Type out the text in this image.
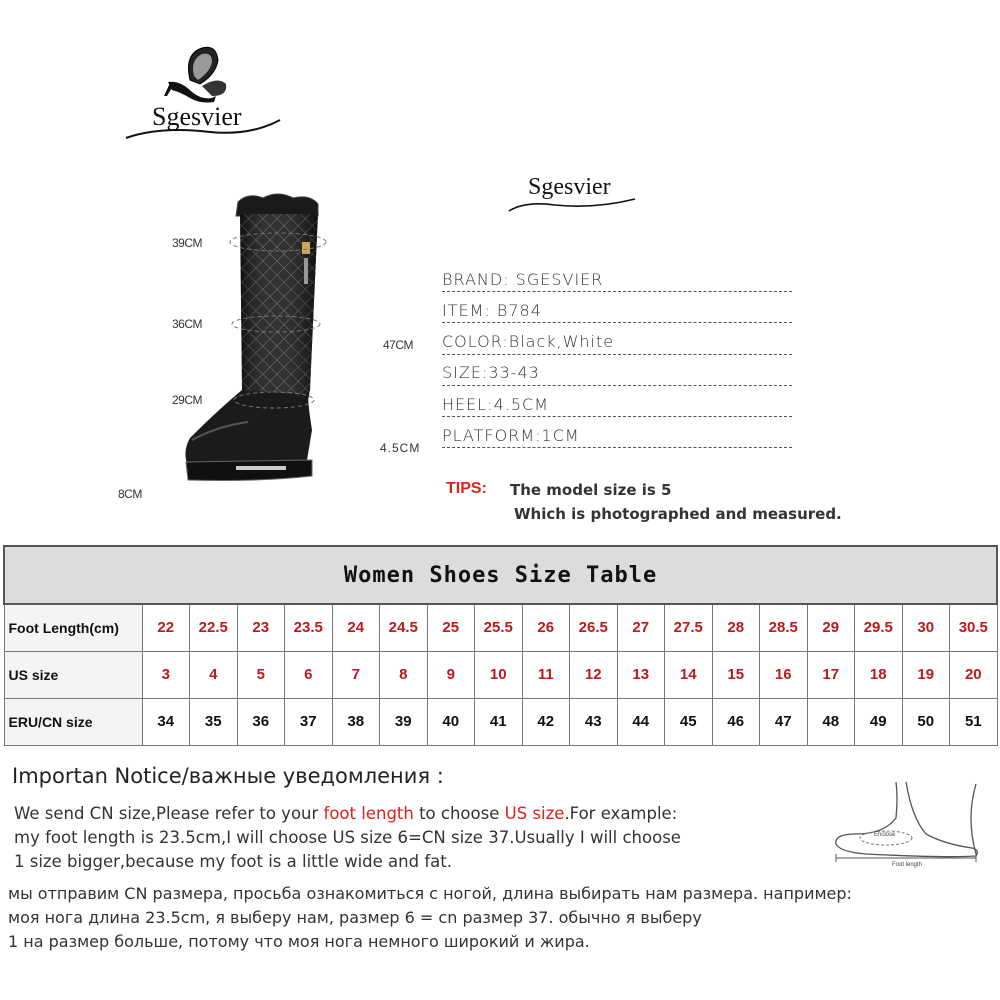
Sgesvier
Sgesvier
39CM
36CM
29CM
47CM
4.5CM
8CM
BRAND: SGESVIER
ITEM: B784
COLOR:Black,White
SIZE:33-43
HEEL:4.5CM
PLATFORM:1CM
TIPS: The model size is 5
Which is photographed and measured.
Women Shoes Size Table																		
Foot Length(cm)	22	22.5	23	23.5	24	24.5	25	25.5	26	26.5	27	27.5	28	28.5	29	29.5	30	30.5
US size	3	4	5	6	7	8	9	10	11	12	13	14	15	16	17	18	19	20
ERU/CN size	34	35	36	37	38	39	40	41	42	43	44	45	46	47	48	49	50	51
Importan Notice/важные уведомления :
We send CN size,Please refer to your foot length to choose US size.For example:
my foot length is 23.5cm,I will choose US size 6=CN size 37.Usually I will choose
1 size bigger,because my foot is a little wide and fat.
Enclose
Foot length
мы отправим CN размера, просьба ознакомиться с ногой, длина выбирать нам размера. например:
моя нога длина 23.5cm, я выберу нам, размер 6 = cn размер 37. обычно я выберу
1 на размер больше, потому что моя нога немного широкий и жира.
